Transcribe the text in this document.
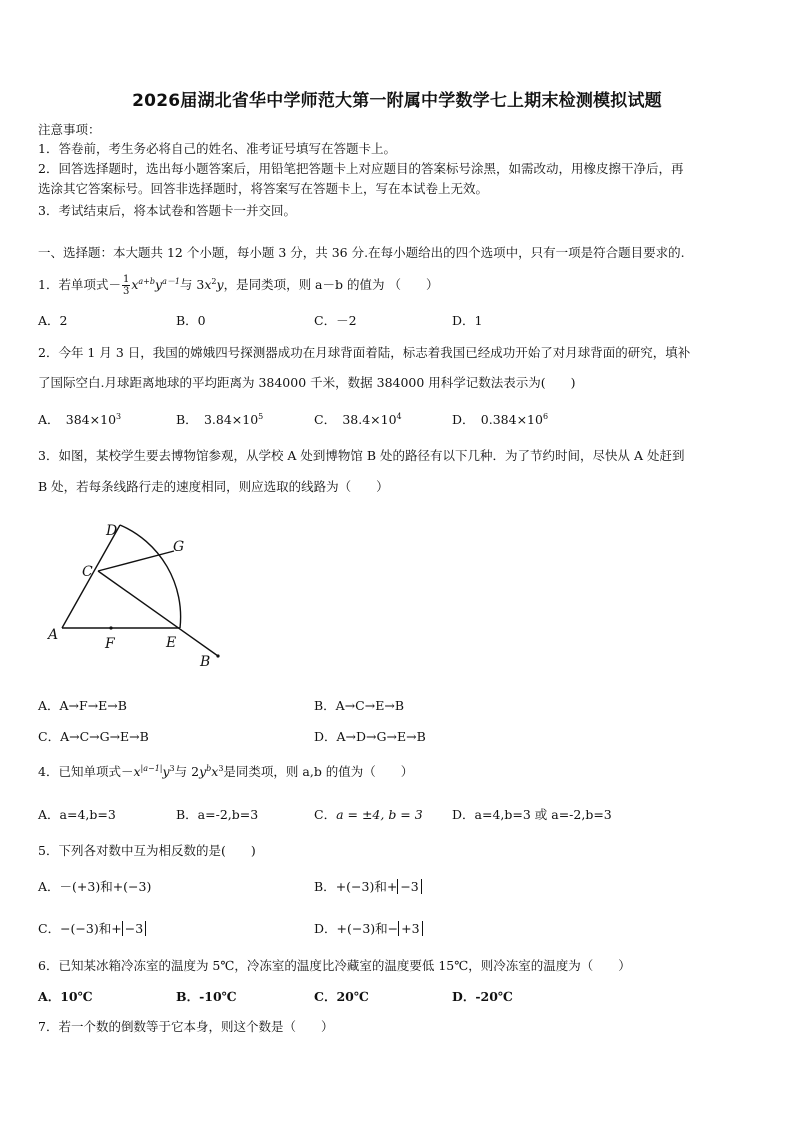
2026届湖北省华中学师范大第一附属中学数学七上期末检测模拟试题
注意事项：
1．答卷前，考生务必将自己的姓名、准考证号填写在答题卡上。
2．回答选择题时，选出每小题答案后，用铅笔把答题卡上对应题目的答案标号涂黑，如需改动，用橡皮擦干净后，再
选涂其它答案标号。回答非选择题时，将答案写在答题卡上，写在本试卷上无效。
3．考试结束后，将本试卷和答题卡一并交回。
一、选择题：本大题共 12 个小题，每小题 3 分，共 36 分.在每小题给出的四个选项中，只有一项是符合题目要求的.
1．若单项式－ $\frac{1}{3} x^{a+b}y^{a-1}$与 $3x^2y$，是同类项，则 a－b 的值为 （　　）
A．2	B．0	C．－2	D．1
2．今年 1 月 3 日，我国的嫦娥四号探测器成功在月球背面着陆，标志着我国已经成功开始了对月球背面的研究，填补
了国际空白.月球距离地球的平均距离为 384000 千米，数据 384000 用科学记数法表示为(　　)
A．  $384\times 10^3$	B．  $3.84\times 10^5$	C．  $38.4\times 10^4$	D．  $0.384\times 10^6$
3．如图，某校学生要去博物馆参观，从学校 A 处到博物馆 B 处的路径有以下几种．为了节约时间，尽快从 A 处赶到
B 处，若每条线路行走的速度相同，则应选取的线路为（　　）
D
G
C
A
F	E
B
A．A→F→E→B	B．A→C→E→B
C．A→C→G→E→B	D．A→D→G→E→B
4．已知单项式$-x^{|a-1|}y^3$与 $2y^bx^3$是同类项，则 a,b 的值为（　　）
A．a=4,b=3	B．a=-2,b=3	C．a = ±4, b = 3 D．a=4,b=3 或 a=-2,b=3
5．下列各对数中互为相反数的是(　　)
A．－(+3)和+(−3)	B．+(−3)和+ −3
C．−(−3)和+ −3	D．+(−3)和− +3
6．已知某冰箱冷冻室的温度为 5℃，冷冻室的温度比冷藏室的温度要低 15℃，则冷冻室的温度为（　　）
A．10℃	B．-10℃	C．20℃	D．-20℃
7．若一个数的倒数等于它本身，则这个数是（　　）
